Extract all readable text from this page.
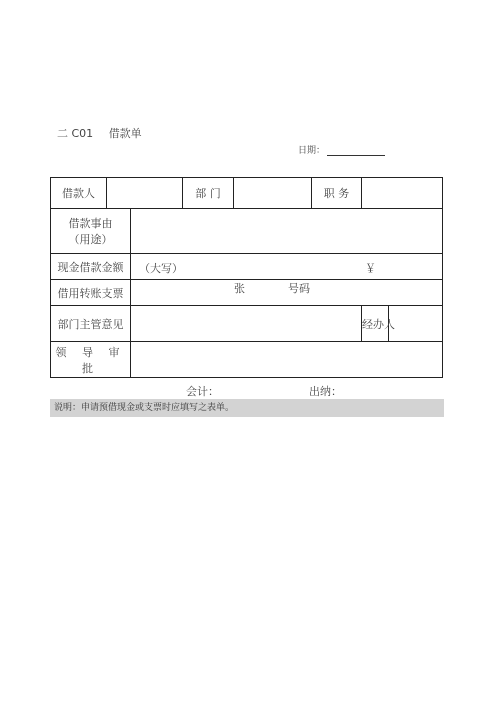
二 C01 借款单
日期：
借款人			部 门		职 务		

借款事由
（用途）							

现金借款金额		（大写） ￥					

借用转账支票		张 号码					

部门主管意见						经办人	
领 导 审 批							
会计：	出纳：
说明：申请预借现金或支票时应填写之表单。
